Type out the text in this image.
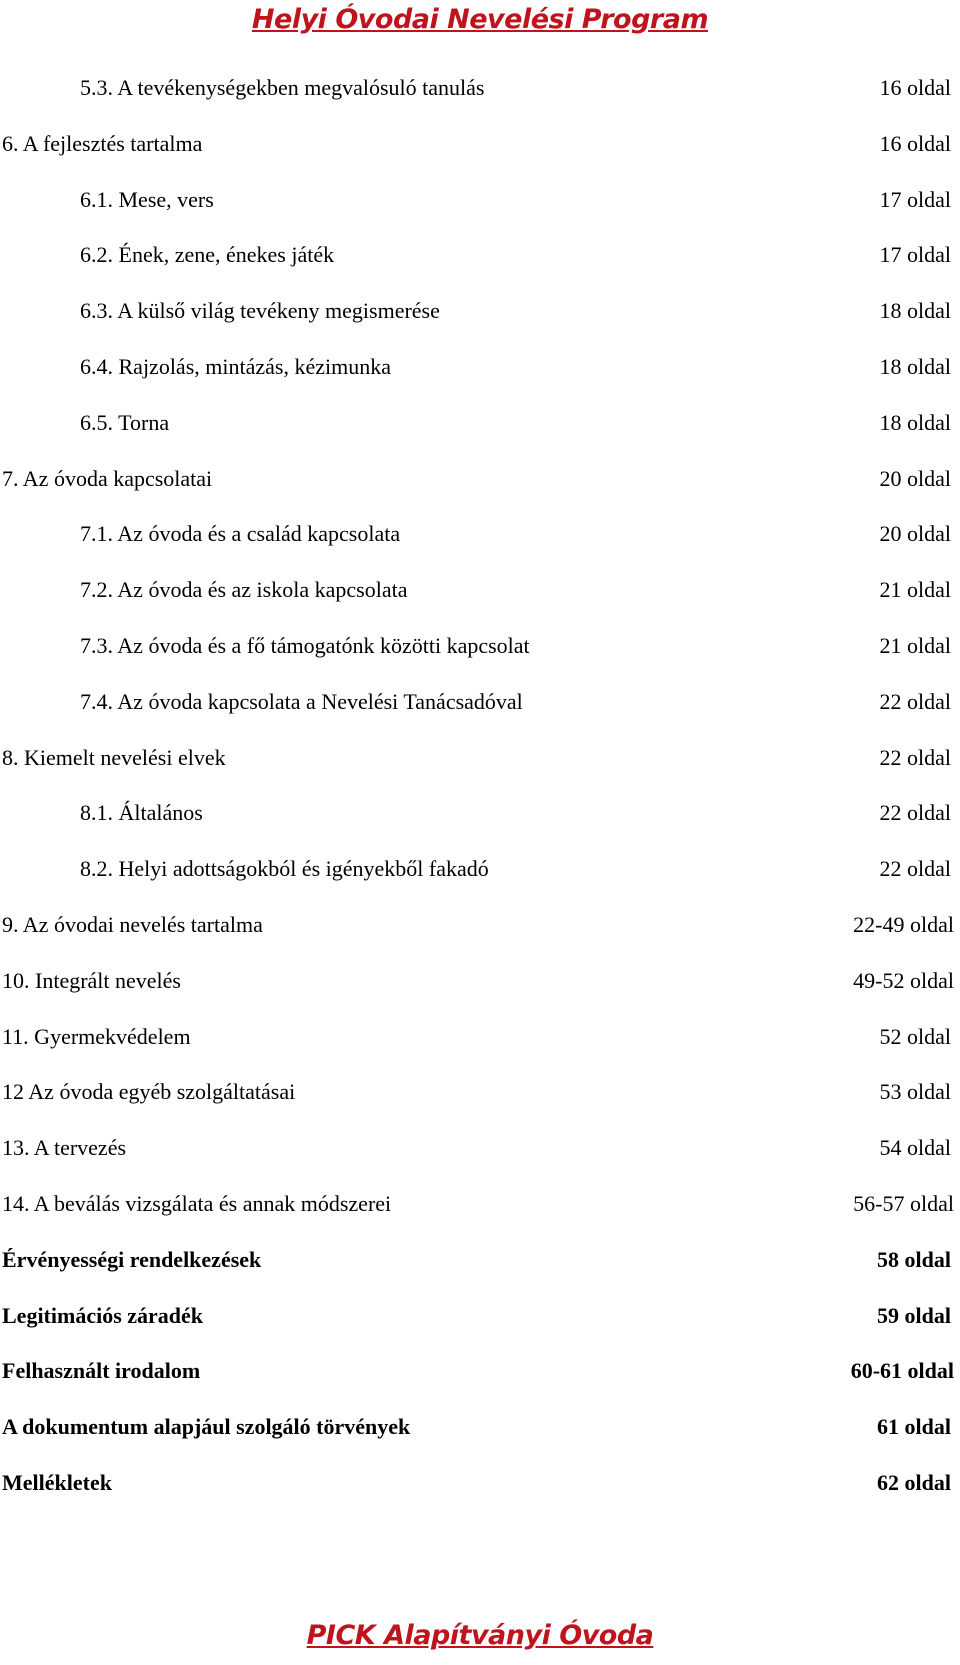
Helyi Óvodai Nevelési Program
5.3. A tevékenységekben megvalósuló tanulás	16 oldal
6. A fejlesztés tartalma	16 oldal
6.1. Mese, vers	17 oldal
6.2. Ének, zene, énekes játék	17 oldal
6.3. A külső világ tevékeny megismerése	18 oldal
6.4. Rajzolás, mintázás, kézimunka	18 oldal
6.5. Torna	18 oldal
7. Az óvoda kapcsolatai	20 oldal
7.1. Az óvoda és a család kapcsolata	20 oldal
7.2. Az óvoda és az iskola kapcsolata	21 oldal
7.3. Az óvoda és a fő támogatónk közötti kapcsolat	21 oldal
7.4. Az óvoda kapcsolata a Nevelési Tanácsadóval	22 oldal
8. Kiemelt nevelési elvek	22 oldal
8.1. Általános	22 oldal
8.2. Helyi adottságokból és igényekből fakadó	22 oldal
9. Az óvodai nevelés tartalma	22-49 oldal
10. Integrált nevelés	49-52 oldal
11. Gyermekvédelem	52 oldal
12 Az óvoda egyéb szolgáltatásai	53 oldal
13. A tervezés	54 oldal
14. A beválás vizsgálata és annak módszerei	56-57 oldal
Érvényességi rendelkezések	58 oldal
Legitimációs záradék	59 oldal
Felhasznált irodalom	60-61 oldal
A dokumentum alapjául szolgáló törvények	61 oldal
Mellékletek	62 oldal
PICK Alapítványi Óvoda
